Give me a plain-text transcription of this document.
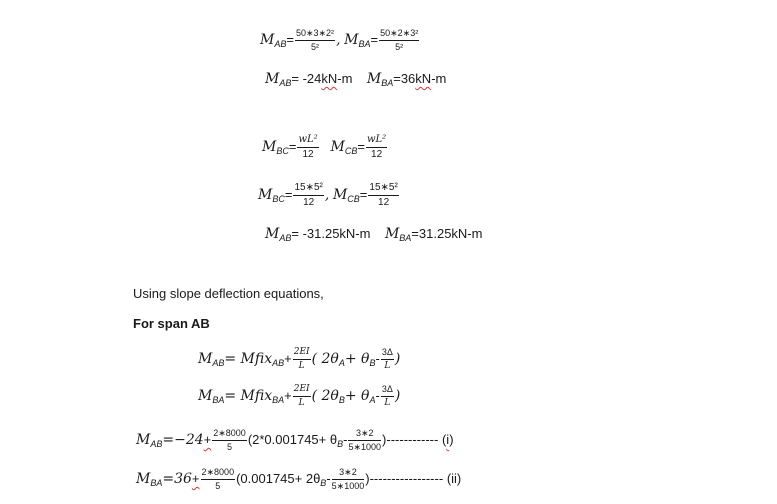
$M_{AB}= \frac{\text{50∗3∗2²}}{\text{5²}}$ , $M_{BA}= \frac{\text{50∗2∗3²}}{\text{5²}}$
$M_{AB}= -24kN-m$ $M_{BA}=36kN-m$
$M_{BC}= \frac{\text{wL²}}{12} M_{CB}= \frac{\text{wL²}}{12}$
$M_{BC}= \frac{\text{15∗5²}}{12}$ , $M_{CB}= \frac{\text{15∗5²}}{12}$
$M_{AB}= -31.25kN-m$ $M_{BA}=31.25kN-m$
Using slope deflection equations,
For span AB
$M_{AB}=$ Mfix$_{AB}$+ $\frac{2EI}{L}$ ( $2\theta_A+ \theta_B- \frac{3\Delta}{L}$ )
$M_{BA}=$ Mfix$_{BA}$+ $\frac{2EI}{L}$ ( $2\theta_B+ \theta_A- \frac{3\Delta}{L}$ )
$M_{AB}=-24+ \frac{2∗8000}{5} (2*0.001745+ \theta_B- \frac{3∗2}{5∗1000}$ )------------ (i)
$M_{BA}=36+ \frac{2∗8000}{5} (0.001745+ 2\theta_B- \frac{3∗2}{5∗1000}$ )----------------- (ii)
